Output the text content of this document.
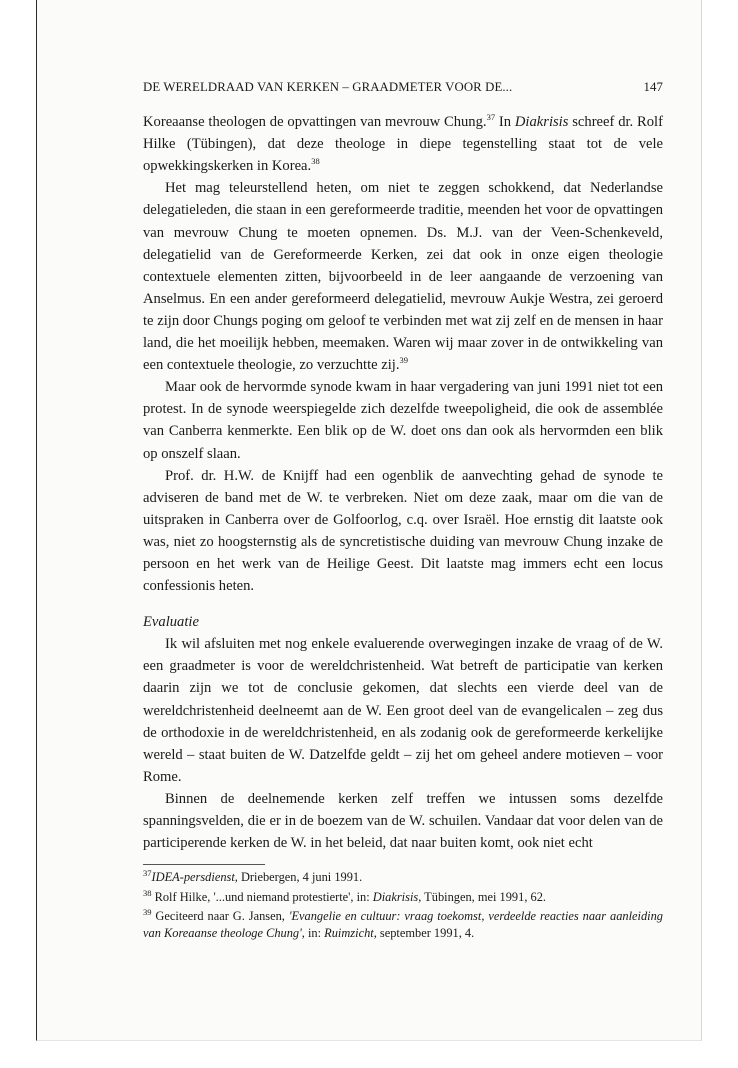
DE WERELDRAAD VAN KERKEN – GRAADMETER VOOR DE...	147

Koreaanse theologen de opvattingen van mevrouw Chung.$^{37}$ In Diakrisis schreef dr. Rolf Hilke (Tübingen), dat deze theologe in diepe tegenstelling staat tot de vele opwekkingskerken in Korea.$^{38}$

Het mag teleurstellend heten, om niet te zeggen schokkend, dat Nederlandse delegatieleden, die staan in een gereformeerde traditie, meenden het voor de opvattingen van mevrouw Chung te moeten opnemen. Ds. M.J. van der Veen-Schenkeveld, delegatielid van de Gereformeerde Kerken, zei dat ook in onze eigen theologie contextuele elementen zitten, bijvoorbeeld in de leer aangaande de verzoening van Anselmus. En een ander gereformeerd delegatielid, mevrouw Aukje Westra, zei geroerd te zijn door Chungs poging om geloof te verbinden met wat zij zelf en de mensen in haar land, die het moeilijk hebben, meemaken. Waren wij maar zover in de ontwikkeling van een contextuele theologie, zo verzuchtte zij.$^{39}$

Maar ook de hervormde synode kwam in haar vergadering van juni 1991 niet tot een protest. In de synode weerspiegelde zich dezelfde tweepoligheid, die ook de assemblée van Canberra kenmerkte. Een blik op de W. doet ons dan ook als hervormden een blik op onszelf slaan.

Prof. dr. H.W. de Knijff had een ogenblik de aanvechting gehad de synode te adviseren de band met de W. te verbreken. Niet om deze zaak, maar om die van de uitspraken in Canberra over de Golfoorlog, c.q. over Israël. Hoe ernstig dit laatste ook was, niet zo hoogsternstig als de syncretistische duiding van mevrouw Chung inzake de persoon en het werk van de Heilige Geest. Dit laatste mag immers echt een locus confessionis heten.

Evaluatie

Ik wil afsluiten met nog enkele evaluerende overwegingen inzake de vraag of de W. een graadmeter is voor de wereldchristenheid. Wat betreft de participatie van kerken daarin zijn we tot de conclusie gekomen, dat slechts een vierde deel van de wereldchristenheid deelneemt aan de W. Een groot deel van de evangelicalen – zeg dus de orthodoxie in de wereldchristenheid, en als zodanig ook de gereformeerde kerkelijke wereld – staat buiten de W. Datzelfde geldt – zij het om geheel andere motieven – voor Rome.

Binnen de deelnemende kerken zelf treffen we intussen soms dezelfde spanningsvelden, die er in de boezem van de W. schuilen. Vandaar dat voor delen van de participerende kerken de W. in het beleid, dat naar buiten komt, ook niet echt

$^{37}$IDEA-persdienst, Driebergen, 4 juni 1991.

$^{38}$ Rolf Hilke, '...und niemand protestierte', in: Diakrisis, Tübingen, mei 1991, 62.

$^{39}$ Geciteerd naar G. Jansen, 'Evangelie en cultuur: vraag toekomst, verdeelde reacties naar aanleiding van Koreaanse theologe Chung', in: Ruimzicht, september 1991, 4.
